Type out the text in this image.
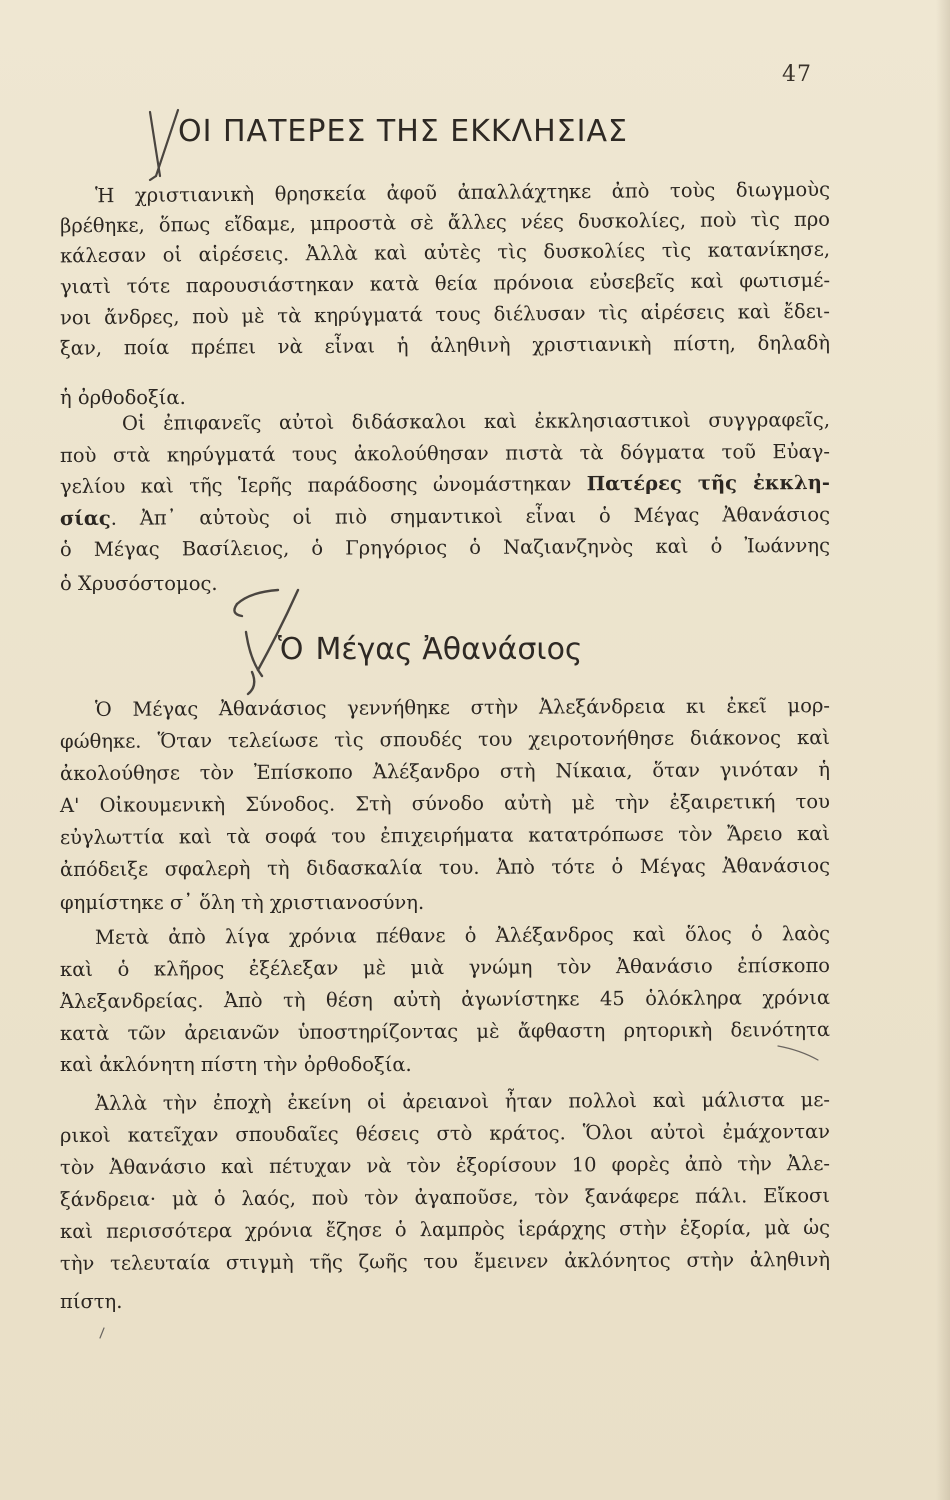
47
ΟΙ ΠΑΤΕΡΕΣ ΤΗΣ ΕΚΚΛΗΣΙΑΣ
Ἡ χριστιανικὴ θρησκεία ἀφοῦ ἀπαλλάχτηκε ἀπὸ τοὺς διωγμοὺς
βρέθηκε, ὅπως εἴδαμε, μπροστὰ σὲ ἄλλες νέες δυσκολίες, ποὺ τὶς προ
κάλεσαν οἱ αἱρέσεις. Ἀλλὰ καὶ αὐτὲς τὶς δυσκολίες τὶς κατανίκησε,
γιατὶ τότε παρουσιάστηκαν κατὰ θεία πρόνοια εὐσεβεῖς καὶ φωτισμέ-
νοι ἄνδρες, ποὺ μὲ τὰ κηρύγματά τους διέλυσαν τὶς αἱρέσεις καὶ ἔδει-
ξαν, ποία πρέπει νὰ εἶναι ἡ ἀληθινὴ χριστιανικὴ πίστη, δηλαδὴ
ἡ ὀρθοδοξία.
Οἱ ἐπιφανεῖς αὐτοὶ διδάσκαλοι καὶ ἐκκλησιαστικοὶ συγγραφεῖς,
ποὺ στὰ κηρύγματά τους ἀκολούθησαν πιστὰ τὰ δόγματα τοῦ Εὐαγ-
γελίου καὶ τῆς Ἱερῆς παράδοσης ὠνομάστηκαν Πατέρες τῆς ἐκκλη-
σίας. Ἀπ᾿ αὐτοὺς οἱ πιὸ σημαντικοὶ εἶναι ὁ Μέγας Ἀθανάσιος
ὁ Μέγας Βασίλειος, ὁ Γρηγόριος ὁ Ναζιανζηνὸς καὶ ὁ Ἰωάννης
ὁ Χρυσόστομος.
Ὁ Μέγας Ἀθανάσιος
Ὁ Μέγας Ἀθανάσιος γεννήθηκε στὴν Ἀλεξάνδρεια κι ἐκεῖ μορ-
φώθηκε. Ὅταν τελείωσε τὶς σπουδές του χειροτονήθησε διάκονος καὶ
ἀκολούθησε τὸν Ἐπίσκοπο Ἀλέξανδρο στὴ Νίκαια, ὅταν γινόταν ἡ
Α' Οἰκουμενικὴ Σύνοδος. Στὴ σύνοδο αὐτὴ μὲ τὴν ἐξαιρετική του
εὐγλωττία καὶ τὰ σοφά του ἐπιχειρήματα κατατρόπωσε τὸν Ἄρειο καὶ
ἀπόδειξε σφαλερὴ τὴ διδασκαλία του. Ἀπὸ τότε ὁ Μέγας Ἀθανάσιος
φημίστηκε σ᾿ ὅλη τὴ χριστιανοσύνη.
Μετὰ ἀπὸ λίγα χρόνια πέθανε ὁ Ἀλέξανδρος καὶ ὅλος ὁ λαὸς
καὶ ὁ κλῆρος ἐξέλεξαν μὲ μιὰ γνώμη τὸν Ἀθανάσιο ἐπίσκοπο
Ἀλεξανδρείας. Ἀπὸ τὴ θέση αὐτὴ ἀγωνίστηκε 45 ὁλόκληρα χρόνια
κατὰ τῶν ἀρειανῶν ὑποστηρίζοντας μὲ ἄφθαστη ρητορικὴ δεινότητα
καὶ ἀκλόνητη πίστη τὴν ὀρθοδοξία.
Ἀλλὰ τὴν ἐποχὴ ἐκείνη οἱ ἀρειανοὶ ἦταν πολλοὶ καὶ μάλιστα με-
ρικοὶ κατεῖχαν σπουδαῖες θέσεις στὸ κράτος. Ὅλοι αὐτοὶ ἐμάχονταν
τὸν Ἀθανάσιο καὶ πέτυχαν νὰ τὸν ἐξορίσουν 10 φορὲς ἀπὸ τὴν Ἀλε-
ξάνδρεια· μὰ ὁ λαός, ποὺ τὸν ἀγαποῦσε, τὸν ξανάφερε πάλι. Εἴκοσι
καὶ περισσότερα χρόνια ἔζησε ὁ λαμπρὸς ἱεράρχης στὴν ἐξορία, μὰ ὡς
τὴν τελευταία στιγμὴ τῆς ζωῆς του ἔμεινεν ἀκλόνητος στὴν ἀληθινὴ
πίστη.
